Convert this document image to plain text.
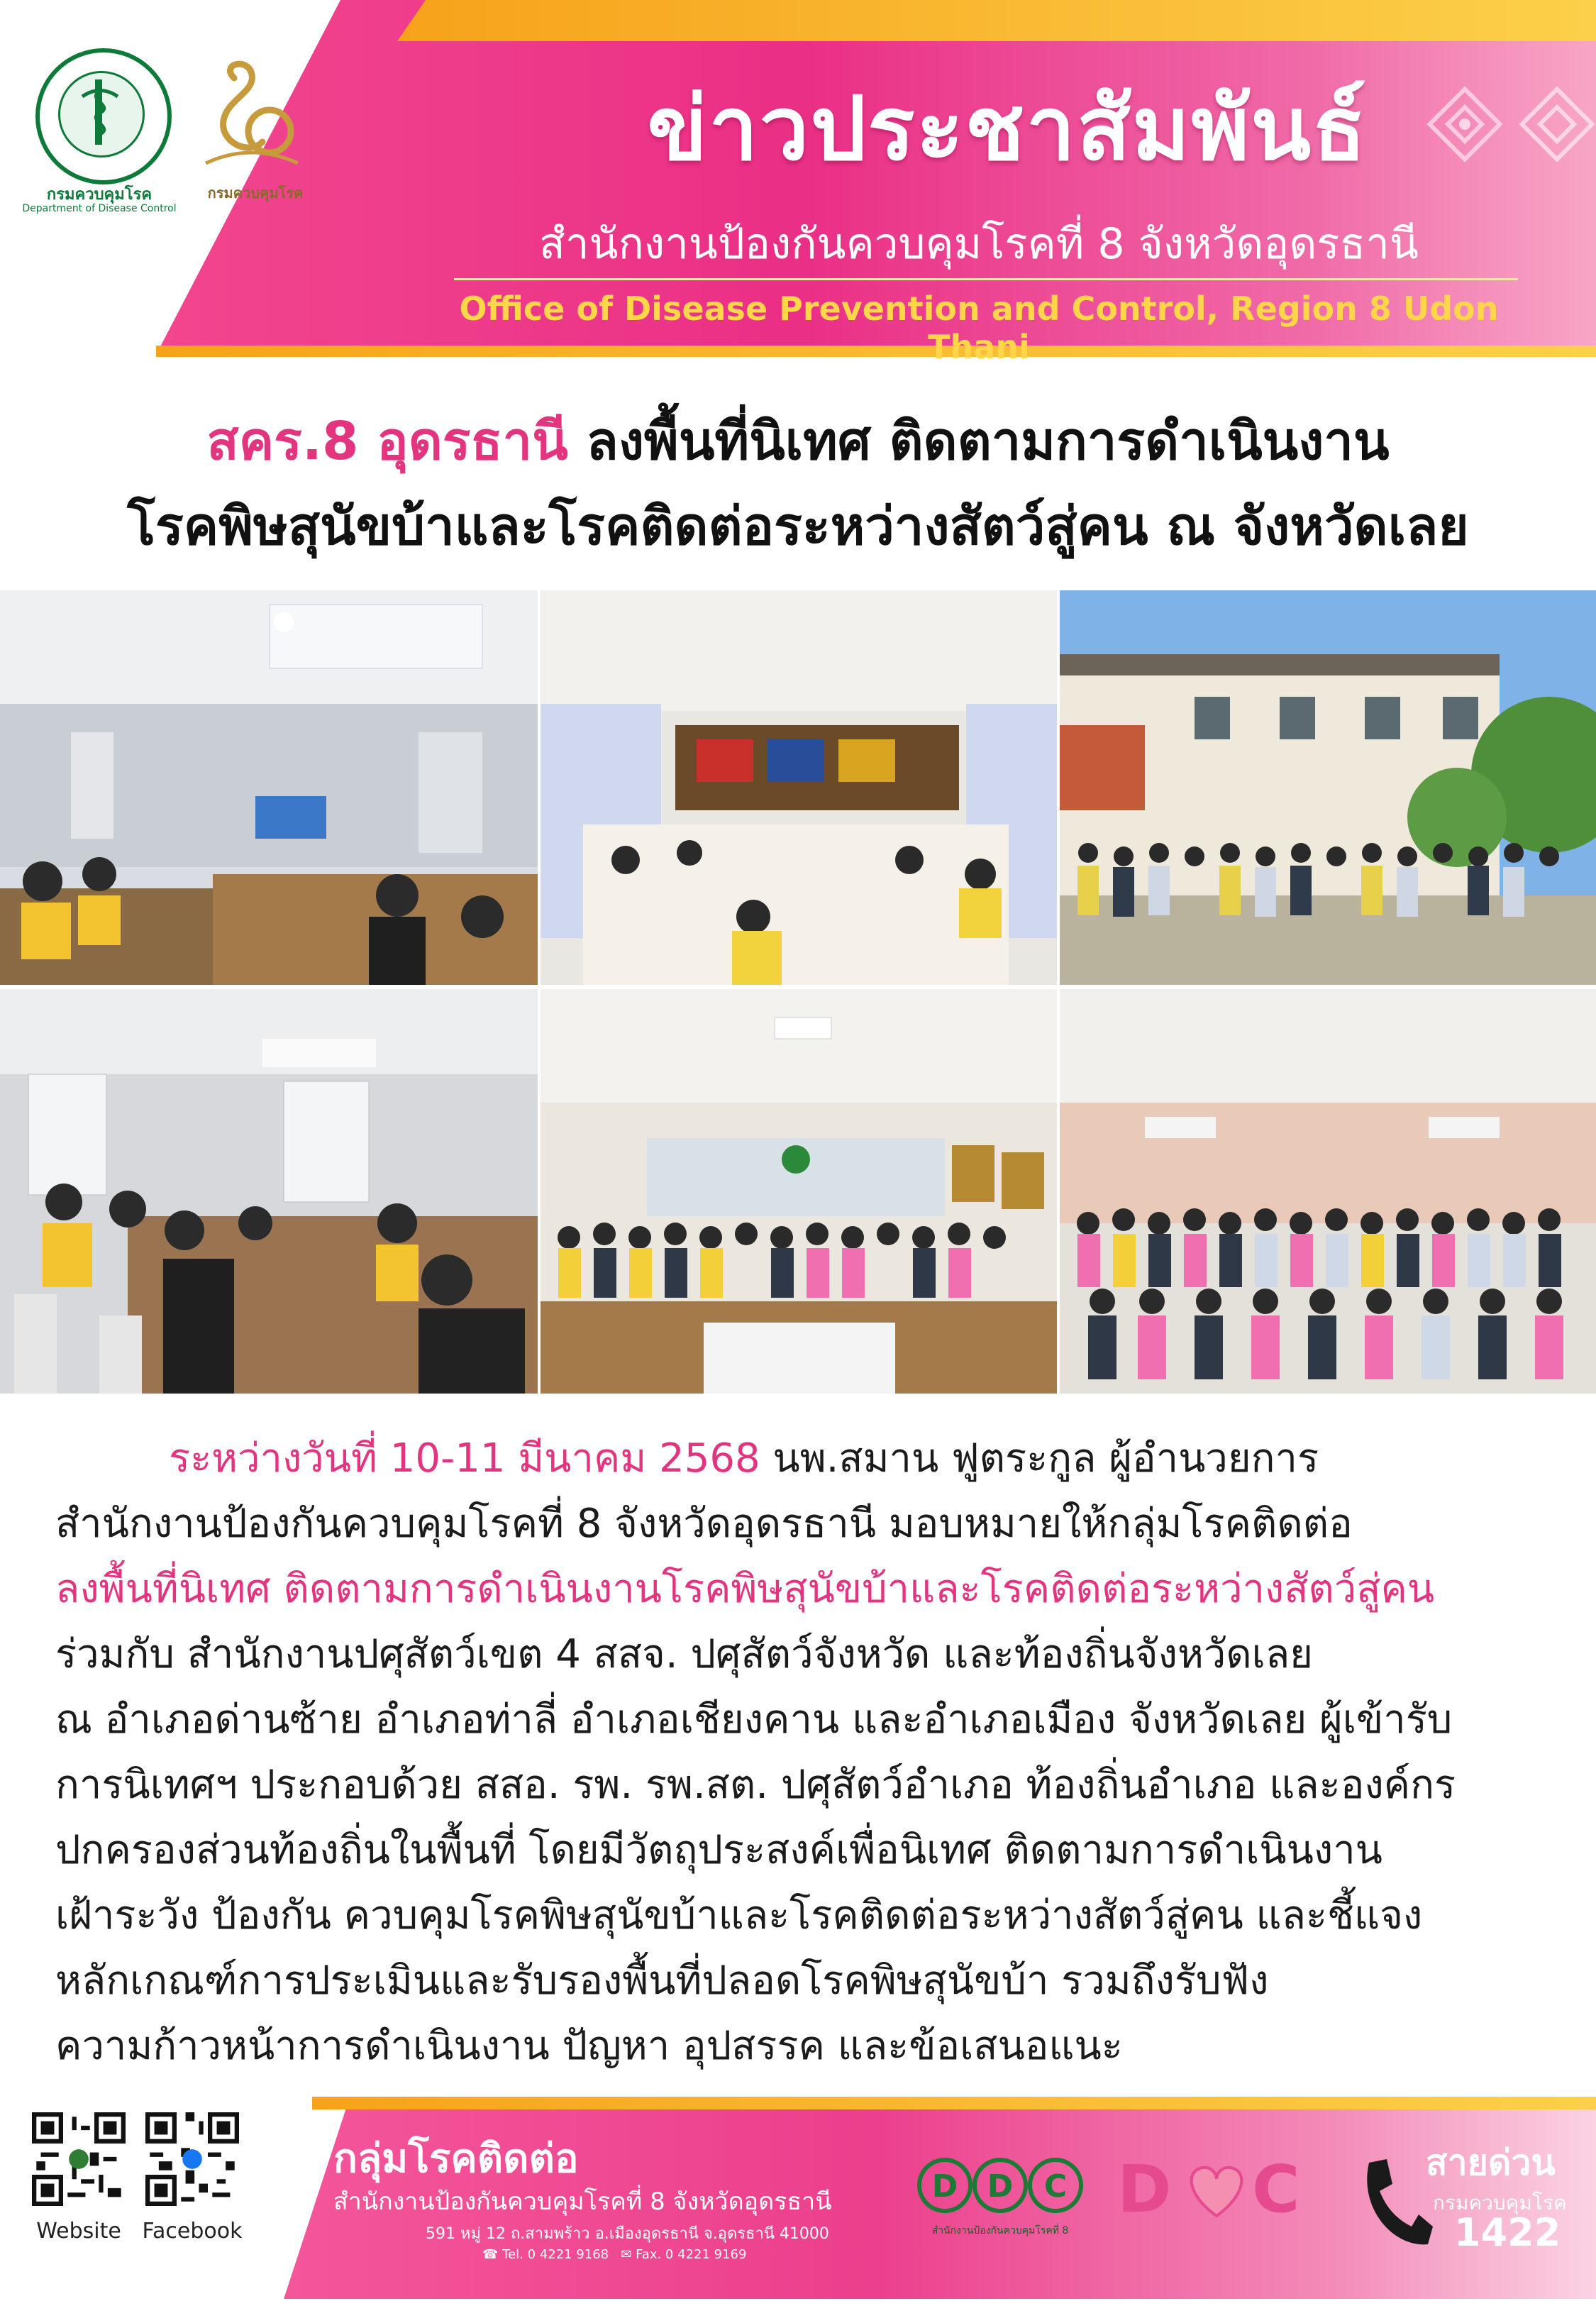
ข่าวประชาสัมพันธ์
สำนักงานป้องกันควบคุมโรคที่ 8 จังหวัดอุดรธานี
Office of Disease Prevention and Control, Region 8 Udon Thani
กรมควบคุมโรค
Department of Disease Control
กรมควบคุมโรค
สคร.8 อุดรธานี ลงพื้นที่นิเทศ ติดตามการดำเนินงาน
โรคพิษสุนัขบ้าและโรคติดต่อระหว่างสัตว์สู่คน ณ จังหวัดเลย
ระหว่างวันที่ 10-11 มีนาคม 2568 นพ.สมาน ฟูตระกูล ผู้อำนวยการ
สำนักงานป้องกันควบคุมโรคที่ 8 จังหวัดอุดรธานี มอบหมายให้กลุ่มโรคติดต่อ
ลงพื้นที่นิเทศ ติดตามการดำเนินงานโรคพิษสุนัขบ้าและโรคติดต่อระหว่างสัตว์สู่คน
ร่วมกับ สำนักงานปศุสัตว์เขต 4 สสจ. ปศุสัตว์จังหวัด และท้องถิ่นจังหวัดเลย
ณ อำเภอด่านซ้าย อำเภอท่าลี่ อำเภอเชียงคาน และอำเภอเมือง จังหวัดเลย ผู้เข้ารับ
การนิเทศฯ ประกอบด้วย สสอ. รพ. รพ.สต. ปศุสัตว์อำเภอ ท้องถิ่นอำเภอ และองค์กร
ปกครองส่วนท้องถิ่นในพื้นที่ โดยมีวัตถุประสงค์เพื่อนิเทศ ติดตามการดำเนินงาน
เฝ้าระวัง ป้องกัน ควบคุมโรคพิษสุนัขบ้าและโรคติดต่อระหว่างสัตว์สู่คน และชี้แจง
หลักเกณฑ์การประเมินและรับรองพื้นที่ปลอดโรคพิษสุนัขบ้า รวมถึงรับฟัง
ความก้าวหน้าการดำเนินงาน ปัญหา อุปสรรค และข้อเสนอแนะ
Website Facebook
กลุ่มโรคติดต่อ
สำนักงานป้องกันควบคุมโรคที่ 8 จังหวัดอุดรธานี
591 หมู่ 12 ถ.สามพร้าว อ.เมืองอุดรธานี จ.อุดรธานี 41000
☎ Tel. 0 4221 9168   ✉ Fax. 0 4221 9169
D D C
สำนักงานป้องกันควบคุมโรคที่ 8
D C	สายด่วน
กรมควบคุมโรค
1422
